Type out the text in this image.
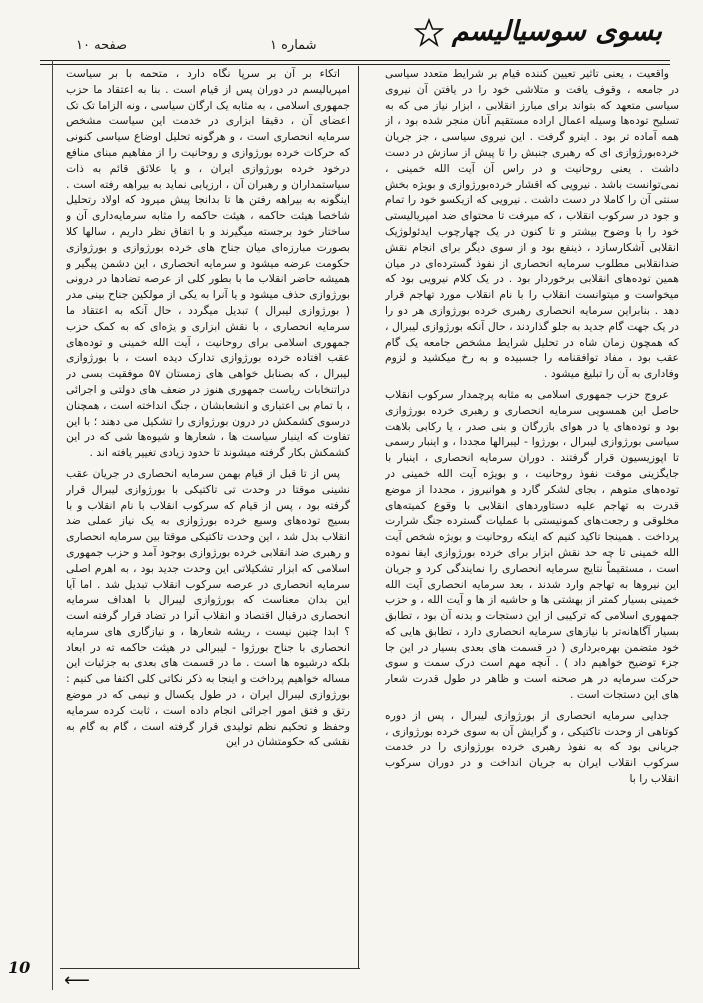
بسوی سوسیالیسم
شماره ۱
صفحه ۱۰

واقعیت ، یعنی تاثیر تعیین کننده قیام بر شرایط متعدد سیاسی در جامعه ، وقوف یافت و متلاشی خود را در یافتن آن نیروی سیاسی متعهد که بتواند برای مبارز انقلابی ، ابزار نیاز می که به تسلیح توده‌ها وسیله اعمال اراده مستقیم آنان منجر شده بود ، از همه آماده تر بود . اینرو گرفت . این نیروی سیاسی ، جز جریان خرده‌بورژوازی ای که رهبری جنبش را تا پیش از سازش در دست داشت . یعنی روحانیت و در راس آن آیت الله خمینی ، نمی‌توانست باشد . نیرویی که اقشار خرده‌بورژوازی و بویژه بخش سنتی آن را کاملا در دست داشت . نیرویی که ازیکسو خود را تمام و جود در سرکوب انقلاب ، که میرفت تا محتوای ضد امپریالیستی خود را با وضوح بیشتر و تا کنون در یک چهارچوب ایدئولوژیک انقلابی آشکارسازد ، ذینفع بود و از سوی دیگر برای انجام نقش ضدانقلابی مطلوب سرمایه انحصاری از نفوذ گسترده‌ای در میان همین توده‌های انقلابی برخوردار بود . در یک کلام نیرویی بود که میخواست و میتوانست انقلاب را با نام انقلاب مورد تهاجم قرار دهد . بنابراین سرمایه انحصاری رهبری خرده بورژوازی هر دو را در یک جهت گام جدید به جلو گذاردند ، حال آنکه بورژوازی لیبرال ، که همچون زمان شاه در تحلیل شرایط مشخص جامعه یک گام عقب بود ، مفاد توافقنامه را جسبیده و به رخ میکشید و لزوم وفاداری به آن را تبلیغ میشود .

عروج حزب جمهوری اسلامی به مثابه پرچمدار سرکوب انقلاب حاصل این همسویی سرمایه انحصاری و رهبری خرده بورژوازی بود و توده‌های یا در هوای بازرگان و بنی صدر ، یا رکابی بلاهت سیاسی بورژوازی لیبرال ، بورژوا - لیبرالها مجددا ، و اینبار رسمی تا اپوزیسیون قرار گرفتند . دوران سرمایه انحصاری ، اینبار با جایگزینی موقت نفوذ روحانیت ، و بویژه آیت الله خمینی در توده‌های متوهم ، بجای لشکر گارد و هوانیروز ، مجددا از موضع قدرت به تهاجم عليه دستاوردهای انقلابی با وقوع کمیته‌های مخلوقی و رجعت‌های کمونیستی با عملیات گسترده جنگ شرارت پرداخت . همینجا تاکید کنیم که اینکه روحانیت و بویژه شخص آیت الله خمینی تا چه حد نقش ابزار برای خرده بورژوازی ایفا نموده است ، مستقیماً نتایج سرمایه انحصاری را نمایندگی کرد و جریان این نیروها به تهاجم وارد شدند ، بعد سرمایه انحصاری آیت الله خمینی بسیار کمتر از بهشتی ها و حاشیه از ها و آیت الله ، و حزب جمهوری اسلامی که ترکیبی از این دستجات و بدنه آن بود ، تطابق بسیار آگاهانه‌تر با نیازهای سرمایه انحصاری دارد ، تطابق هایی که خود متضمن بهره‌برداری ( در قسمت های بعدی بسیار در این جا جزء توضیح خواهیم داد ) . آنچه مهم است درک سمت و سوی حرکت سرمایه در هر صحنه است و ظاهر در طول قدرت شعار های این دستجات است .

جدایی سرمایه انحصاری از بورژوازی لیبرال ، پس از دوره کوتاهی از وحدت تاکتیکی ، و گرایش آن به سوی خرده بورژوازی ، جریانی بود که به نفوذ رهبری خرده بورژوازی را در خدمت سرکوب انقلاب ایران به جریان انداخت و در دوران سرکوب انقلاب را با

اتکاء بر آن بر سرپا نگاه دارد ، متحمه با بر سیاست امپریالیسم در دوران پس از قیام است . بنا به اعتقاد ما حزب جمهوری اسلامی ، به مثابه یک ارگان سیاسی ، ونه الزاما تک تک اعضای آن ، دقیقا ابزاری در خدمت این سیاست مشخص سرمایه انحصاری است ، و هرگونه تحلیل اوضاع سیاسی کنونی که حرکات خرده بورژوازی و روحانیت را از مفاهیم مبنای منافع درخود خرده بورژوازی ایران ، و یا علائق قائم به ذات سیاستمداران و رهبران آن ، ارزیابی نماید به بیراهه رفته است . اینگونه به بیراهه رفتن ها تا بدانجا پیش میرود که اولاد رتحلیل شاخصا هیئت حاکمه ، هیئت حاکمه را مثابه سرمایه‌داری آن و ساختار خود برجسته میگیرند و با اتفاق نظر داریم ، سالها کلا بصورت مبارزه‌ای میان جناح های خرده بورژوازی و بورژوازی حکومت عرضه میشود و سرمایه انحصاری ، این دشمن پیگیر و همیشه حاضر انقلاب ما با بطور کلی از عرصه تضادها در درونی بورژوازی حذف میشود و یا آنرا به یکی از مولکین جناح بینی مدر ( بورژوازی لیبرال ) تبدیل میگردد ، حال آنکه به اعتقاد ما سرمایه انحصاری ، با نقش ابزاری و یژه‌ای که به کمک حزب جمهوری اسلامی برای روحانیت ، آیت الله خمینی و توده‌های عقب افتاده خرده بورژوازی تدارک دیده است ، با بورژوازی لیبرال ، که بصنابل خواهی های زمستان ۵۷ موفقیت بسی در دراتنخابات ریاست جمهوری هنوز در ضعف های دولتی و اجرائی ، با تمام بی اعتباری و انشعابشان ، جنگ انداخته است ، همچنان درسوی کشمکش در درون بورژوازی را تشکیل می دهند ؛ با این تفاوت که اینبار سیاست ها ، شعارها و شیوه‌ها شی که در این کشمکش بکار گرفته میشوند تا حدود زیادی تغییر یافته اند .

پس از تا قبل از قیام بهمن سرمایه انحصاری در جریان عقب نشینی موقتا در وحدت تی تاکتیکی با بورژوازی لیبرال قرار گرفته بود ، پس از قیام که سرکوب انقلاب با نام انقلاب و با بسیج توده‌های وسیع خرده بورژوازی به یک نیاز عملی ضد انقلاب بدل شد ، این وحدت تاکتیکی موقتا بین سرمایه انحصاری و رهبری ضد انقلابی خرده بورژوازی بوجود آمد و حزب جمهوری اسلامی که ابزار تشکیلاتی این وحدت جدید بود ، به اهرم اصلی سرمایه انحصاری در عرصه سرکوب انقلاب تبدیل شد . اما آیا این بدان معناست که بورژوازی لیبرال با اهداف سرمایه انحصاری درقبال اقتصاد و انقلاب آنرا در تضاد قرار گرفته است ؟ ابدا چنین نیست ، ریشه شعارها ، و نیازگاری های سرمایه انحصاری با جناح بورژوا - لیبرالی در هیئت حاکمه ته در ابعاد بلکه درشیوه ها است . ما در قسمت های بعدی به جزئیات این مساله خواهیم پرداخت و اینجا به ذکر نکاتی کلی اکتفا می کنیم : بورژوازی لیبرال ایران ، در طول یکسال و نیمی که در موضع رتق و فتق امور اجرائی انجام داده است ، ثابت کرده سرمایه وحفظ و تحکیم نظم تولیدی قرار گرفته است ، گام به گام به نقشی که حکومتشان در این

⟵
10
